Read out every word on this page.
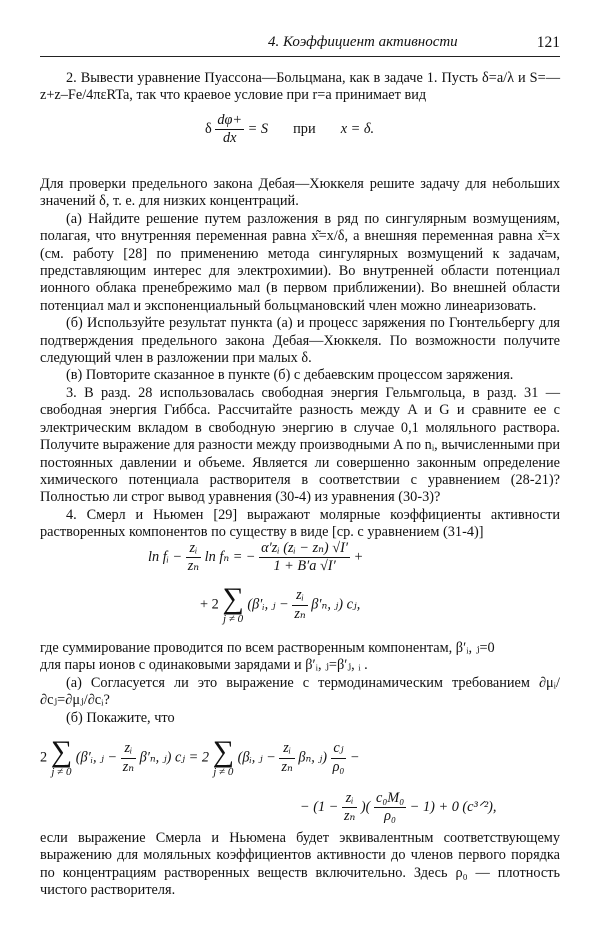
4. Коэффициент активности	121

2. Вывести уравнение Пуассона—Больцмана, как в задаче 1. Пусть δ=a/λ и S=—z+z–Fe/4πεRTa, так что краевое условие при r=a принимает вид

δ $\frac{d\varphi+}{dx} = S$ при x = δ.

Для проверки предельного закона Дебая—Хюккеля решите задачу для небольших значений δ, т. е. для низких концентраций.

(а) Найдите решение путем разложения в ряд по сингулярным возмущениям, полагая, что внутренняя переменная равна x͂=x/δ, а внешняя переменная равна x͂=x (см. работу [28] по применению метода сингулярных возмущений к задачам, представляющим интерес для электрохимии). Во внутренней области потенциал ионного облака пренебрежимо мал (в первом приближении). Во внешней области потенциал мал и экспоненциальный больцмановский член можно линеаризовать.

(б) Используйте результат пункта (а) и процесс заряжения по Гюнтельбергу для подтверждения предельного закона Дебая—Хюккеля. По возможности получите следующий член в разложении при малых δ.

(в) Повторите сказанное в пункте (б) с дебаевским процессом заряжения.

3. В разд. 28 использовалась свободная энергия Гельмгольца, в разд. 31 — свободная энергия Гиббса. Рассчитайте разность между A и G и сравните ее с электрическим вкладом в свободную энергию в случае 0,1 моляльного раствора. Получите выражение для разности между производными A по nᵢ, вычисленными при постоянных давлении и объеме. Является ли совершенно законным определение химического потенциала растворителя в соответствии с уравнением (28-21)? Полностью ли строг вывод уравнения (30-4) из уравнения (30-3)?

4. Смерл и Ньюмен [29] выражают молярные коэффициенты активности растворенных компонентов по существу в виде [ср. с уравнением (31-4)]

ln fᵢ − $\frac{\text{zᵢ}}{\text{zₙ}}$ ln fₙ = − $\frac{\text{α′zᵢ (zᵢ − zₙ) √I′}}{1 + B'a √I'}$ +
+ 2 ∑
j ≠ 0
(β′ᵢ, ⱼ − $\frac{\text{zᵢ}}{\text{zₙ}} \beta'_n$, ⱼ) cⱼ,

где суммирование проводится по всем растворенным компонентам, β′ᵢ, ⱼ=0

для пары ионов с одинаковыми зарядами и β′ᵢ, ⱼ=β′ⱼ, ᵢ .

(а) Согласуется ли это выражение с термодинамическим требованием ∂μᵢ/∂cⱼ=∂μⱼ/∂cᵢ?

(б) Покажите, что

2 ∑
j ≠ 0
(β′ᵢ, ⱼ − $\frac{\text{zᵢ}}{\text{zₙ}} \beta'_n$, ⱼ) cⱼ = 2 ∑
j ≠ 0
(βᵢ, ⱼ − $\frac{\text{zᵢ}}{\text{zₙ}} \beta_n$, ⱼ) $\frac{\text{cⱼ}}{\text{ρ₀}}$ −
− ($1 - \frac{\text{zᵢ}}{\text{zₙ}}$ )( $\frac{\text{c₀M₀}}{\text{ρ₀}} - 1) + 0$ (c³ᐟ²),

если выражение Смерла и Ньюмена будет эквивалентным соответствующему выражению для моляльных коэффициентов активности до членов первого порядка по концентрациям растворенных веществ включительно. Здесь ρ₀ — плотность чистого растворителя.
